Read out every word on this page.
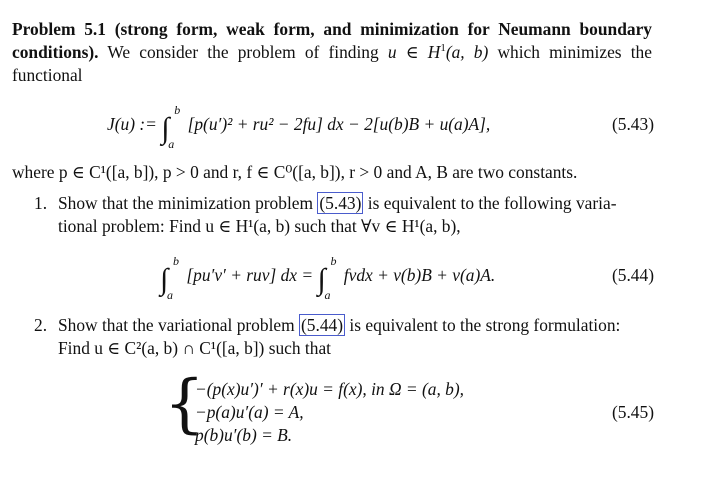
Problem 5.1 (strong form, weak form, and minimization for Neumann boundary conditions). We consider the problem of finding u ∈ $H^1(a$, b) which minimizes the functional

J(u) := ∫
b
a
[p(u′)² + ru² − 2fu] dx − 2[u(b)B + u(a)A],	(5.43)

where p ∈ C¹([a, b]), p > 0 and r, f ∈ C⁰([a, b]), r > 0 and A, B are two constants.

1. Show that the minimization problem (5.43) is equivalent to the following varia-
tional problem: Find u ∈ H¹(a, b) such that ∀v ∈ H¹(a, b),
∫
b
a
[pu′v′ + ruv] dx = ∫
b
a
fvdx + v(b)B + v(a)A.	(5.44)
2. Show that the variational problem (5.44) is equivalent to the strong formulation:
Find u ∈ C²(a, b) ∩ C¹([a, b]) such that
{
−(p(x)u′)′ + r(x)u = f(x), in Ω = (a, b),
−p(a)u′(a) = A,
p(b)u′(b) = B.
(5.45)
